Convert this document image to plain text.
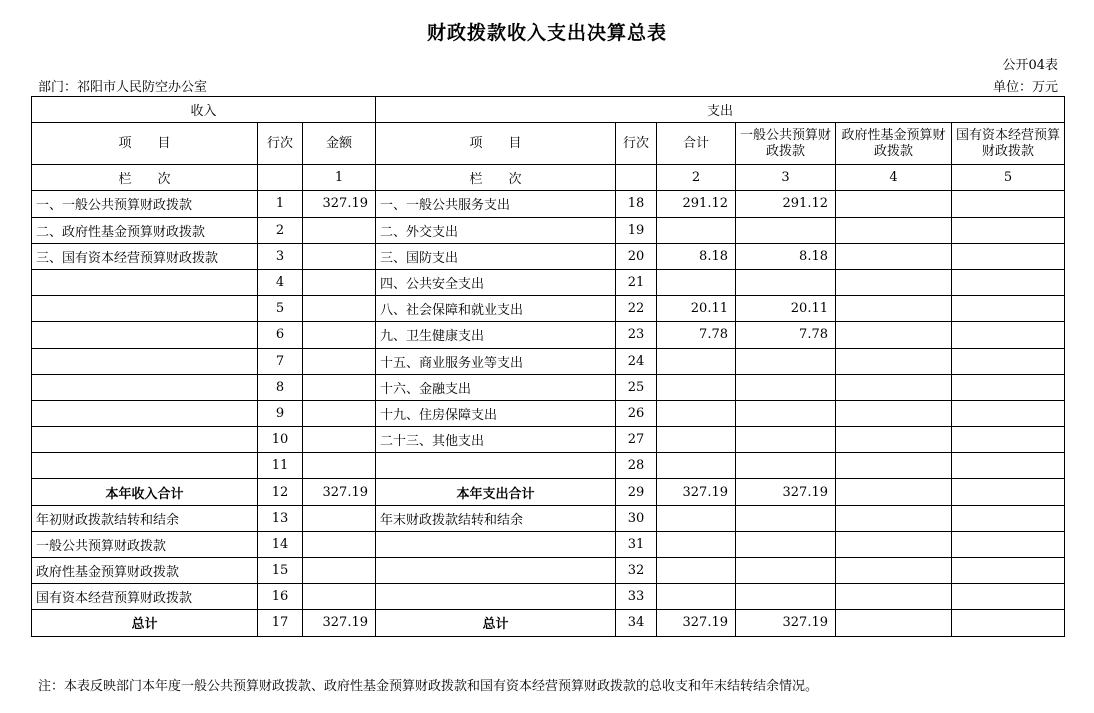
财政拨款收入支出决算总表
公开04表
部门：祁阳市人民防空办公室	单位：万元
收入			支出					
项　　目	行次	金额	项　　目	行次	合计	一般公共预算财政拨款	政府性基金预算财政拨款	国有资本经营预算财政拨款
栏　　次		1	栏　　次		2	3	4	5
一、一般公共预算财政拨款	1	327.19	一、一般公共服务支出	18	291.12	291.12		
二、政府性基金预算财政拨款	2		二、外交支出	19				
三、国有资本经营预算财政拨款	3		三、国防支出	20	8.18	8.18		
	4		四、公共安全支出	21				
	5		八、社会保障和就业支出	22	20.11	20.11		
	6		九、卫生健康支出	23	7.78	7.78		
	7		十五、商业服务业等支出	24				
	8		十六、金融支出	25				
	9		十九、住房保障支出	26				
	10		二十三、其他支出	27				
	11			28				
本年收入合计	12	327.19	本年支出合计	29	327.19	327.19		
年初财政拨款结转和结余	13		年末财政拨款结转和结余	30				
一般公共预算财政拨款	14			31				
政府性基金预算财政拨款	15			32				
国有资本经营预算财政拨款	16			33				
总计	17	327.19	总计	34	327.19	327.19		
注：本表反映部门本年度一般公共预算财政拨款、政府性基金预算财政拨款和国有资本经营预算财政拨款的总收支和年末结转结余情况。
